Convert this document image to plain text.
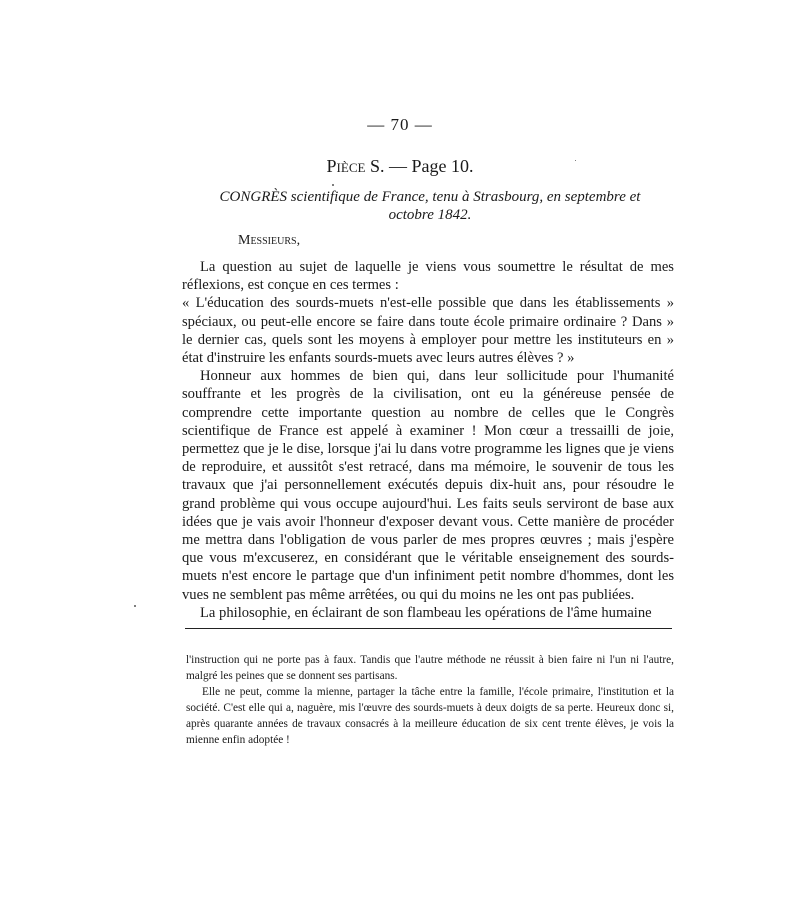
— 70 —
Pièce S. — Page 10.
CONGRÈS scientifique de France, tenu à Strasbourg, en septembre et
octobre 1842.
Messieurs,

La question au sujet de laquelle je viens vous soumettre le résultat de mes réflexions, est conçue en ces termes :

« L'éducation des sourds-muets n'est-elle possible que dans les établissements » spéciaux, ou peut-elle encore se faire dans toute école primaire ordinaire ? Dans » le dernier cas, quels sont les moyens à employer pour mettre les instituteurs en » état d'instruire les enfants sourds-muets avec leurs autres élèves ? »

Honneur aux hommes de bien qui, dans leur sollicitude pour l'humanité souffrante et les progrès de la civilisation, ont eu la généreuse pensée de comprendre cette importante question au nombre de celles que le Congrès scientifique de France est appelé à examiner ! Mon cœur a tressailli de joie, permettez que je le dise, lorsque j'ai lu dans votre programme les lignes que je viens de reproduire, et aussitôt s'est retracé, dans ma mémoire, le souvenir de tous les travaux que j'ai personnellement exécutés depuis dix-huit ans, pour résoudre le grand problème qui vous occupe aujourd'hui. Les faits seuls serviront de base aux idées que je vais avoir l'honneur d'exposer devant vous. Cette manière de procéder me mettra dans l'obligation de vous parler de mes propres œuvres ; mais j'espère que vous m'excuserez, en considérant que le véritable enseignement des sourds-muets n'est encore le partage que d'un infiniment petit nombre d'hommes, dont les vues ne semblent pas même arrêtées, ou qui du moins ne les ont pas publiées.

La philosophie, en éclairant de son flambeau les opérations de l'âme humaine

l'instruction qui ne porte pas à faux. Tandis que l'autre méthode ne réussit à bien faire ni l'un ni l'autre, malgré les peines que se donnent ses partisans.

Elle ne peut, comme la mienne, partager la tâche entre la famille, l'école primaire, l'institution et la société. C'est elle qui a, naguère, mis l'œuvre des sourds-muets à deux doigts de sa perte. Heureux donc si, après quarante années de travaux consacrés à la meilleure éducation de six cent trente élèves, je vois la mienne enfin adoptée !
